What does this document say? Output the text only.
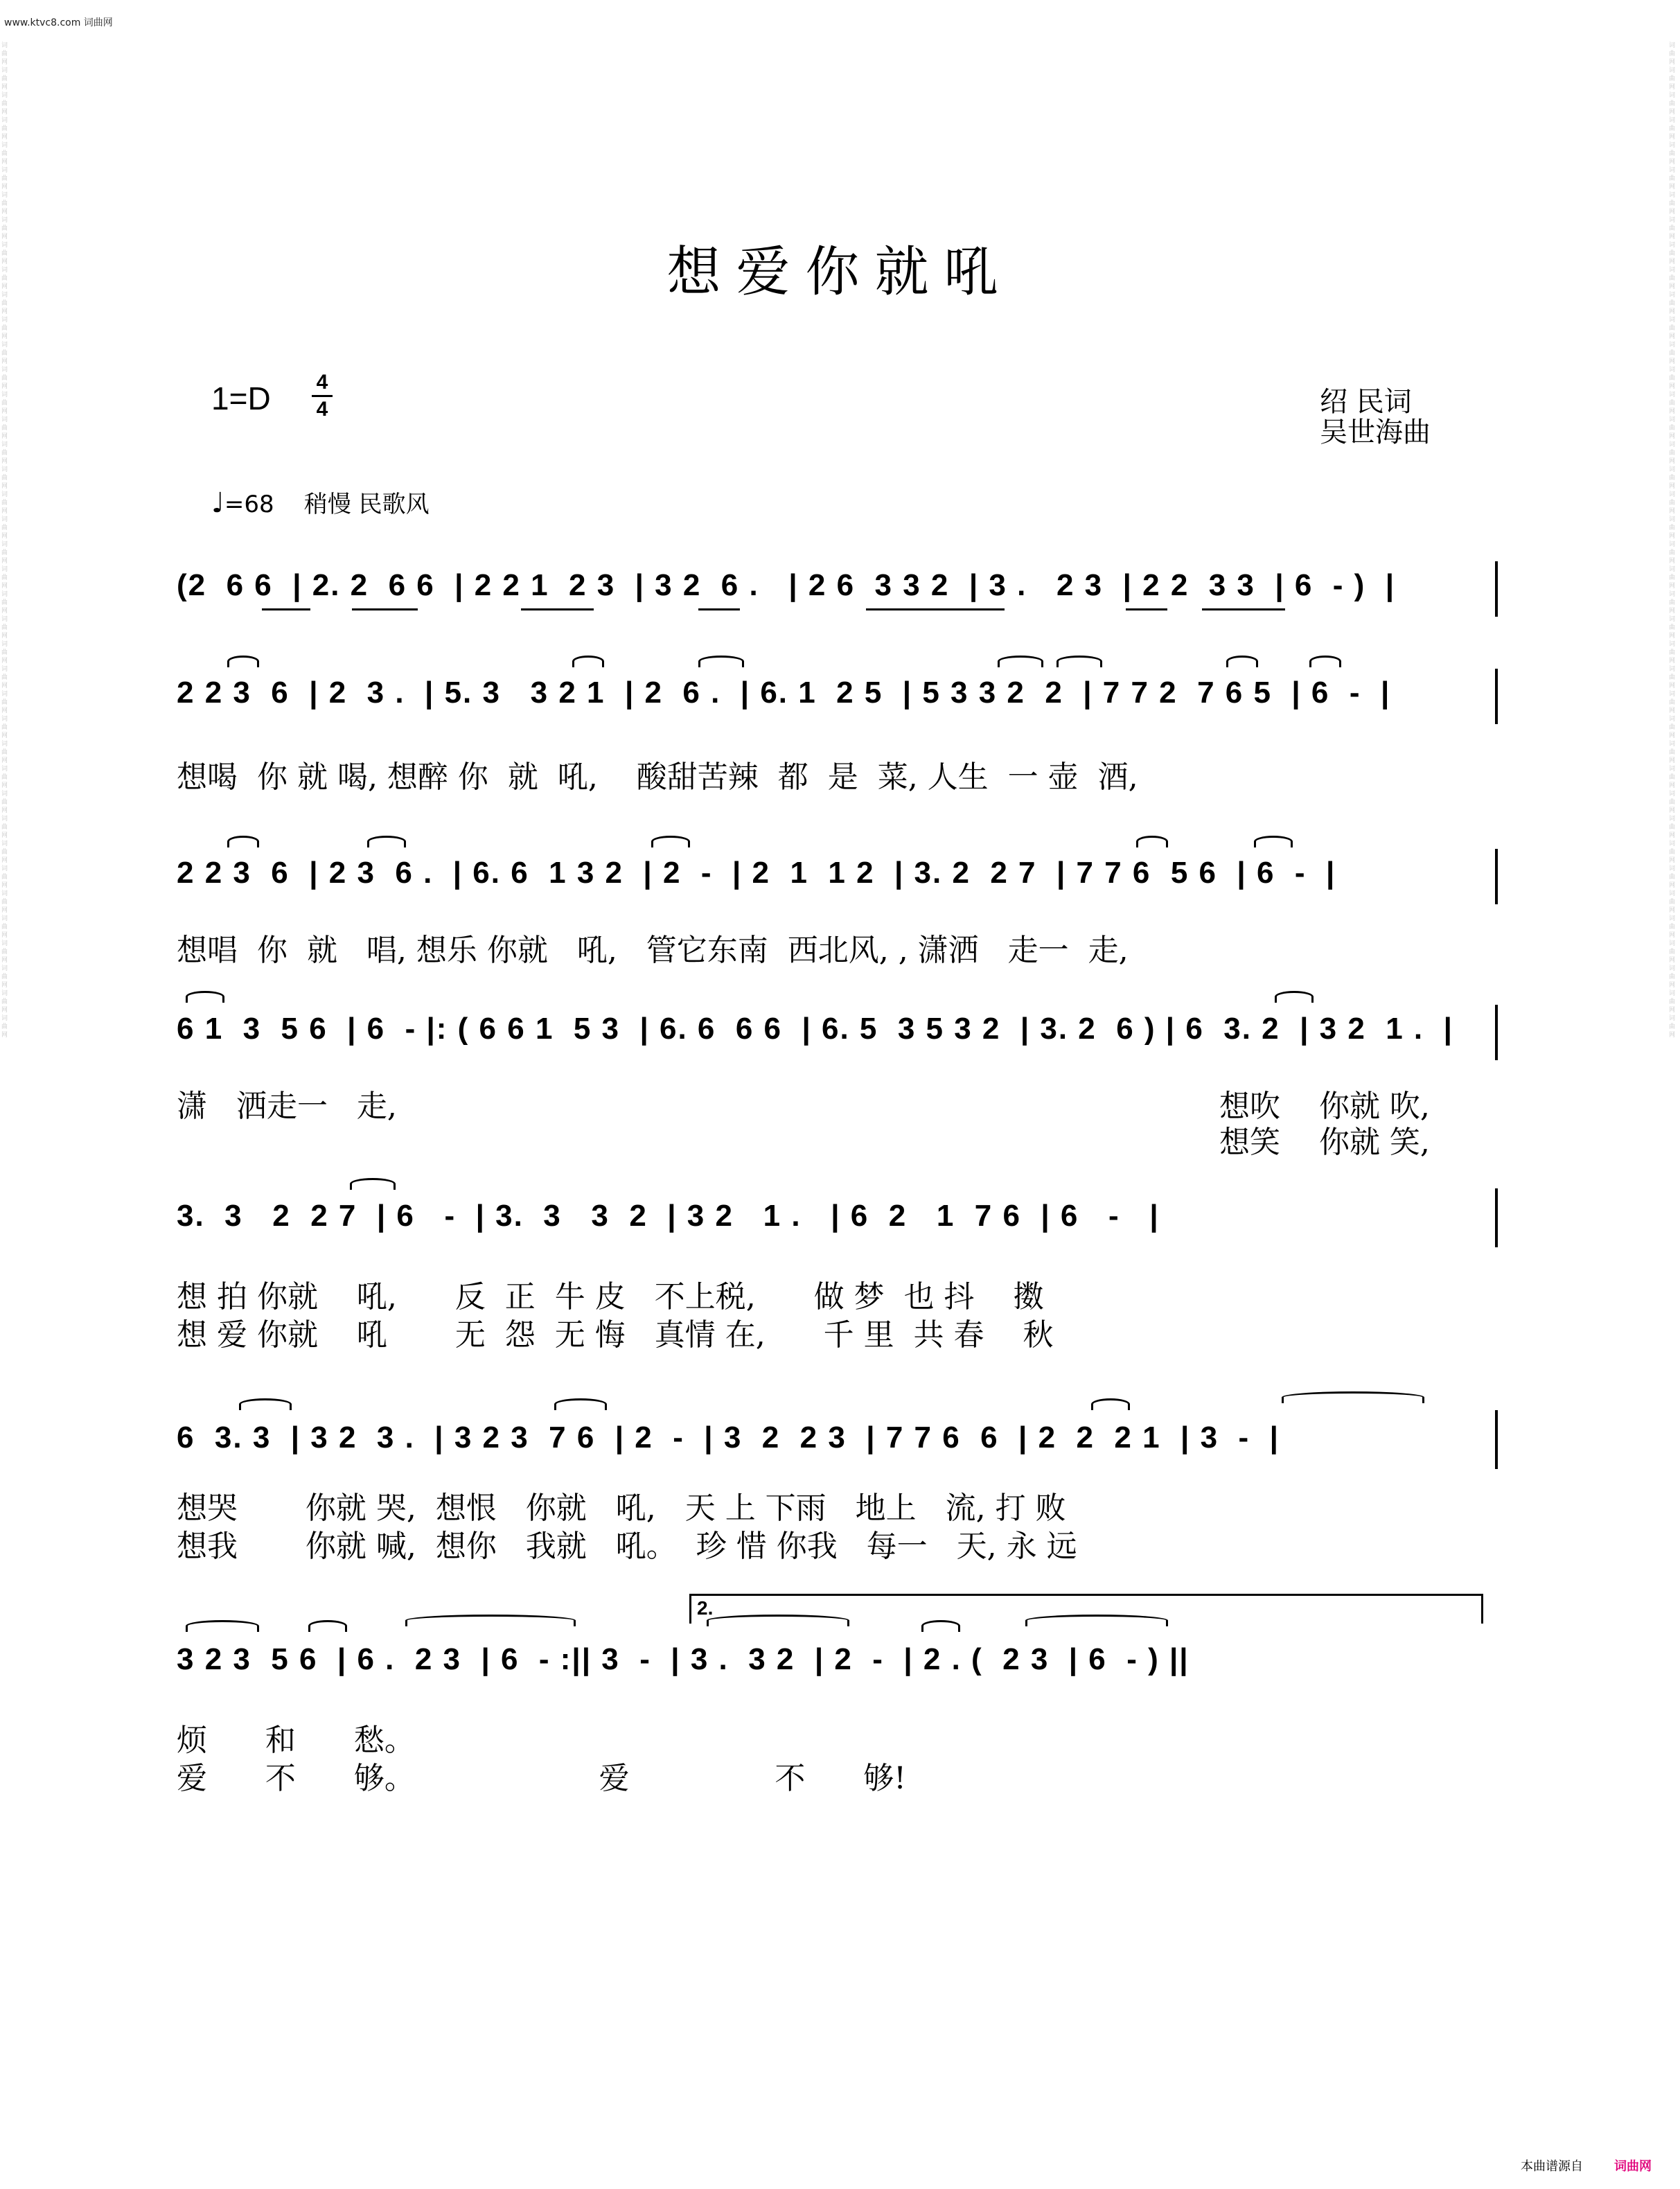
词曲网词曲网词曲网词曲网词曲网词曲网词曲网词曲网词曲网词曲网词曲网词曲网词曲网词曲网词曲网词曲网词曲网词曲网词曲网词曲网词曲网词曲网词曲网词曲网词曲网词曲网词曲网词曲网词曲网词曲网词曲网词曲网词曲网词曲网词曲网词曲网词曲网词曲网词曲网词曲网
词曲网词曲网词曲网词曲网词曲网词曲网词曲网词曲网词曲网词曲网词曲网词曲网词曲网词曲网词曲网词曲网词曲网词曲网词曲网词曲网词曲网词曲网词曲网词曲网词曲网词曲网词曲网词曲网词曲网词曲网词曲网词曲网词曲网词曲网词曲网词曲网词曲网词曲网词曲网词曲网
www.ktvc8.com 词曲网
想爱你就吼
1=D 4
4	绍 民词
吴世海曲
♩=68 稍慢 民歌风
(2  6 6  | 2. 2  6 6  | 2 2 1  2 3  | 3 2  6 .   | 2 6  3 3 2  | 3 .   2 3  | 2 2  3 3  | 6  - )  |
2 2 3  6  | 2  3 .  | 5. 3   3 2 1  | 2  6 .  | 6. 1  2 5  | 5 3 3 2  2  | 7 7 2  7 6 5  | 6  -  |
想喝  你 就 喝, 想醉 你  就  吼,    酸甜苦辣  都  是  菜, 人生  一 壶  酒,
2 2 3  6  | 2 3  6 .  | 6. 6  1 3 2  | 2  -  | 2  1  1 2  | 3. 2  2 7  | 7 7 6  5 6  | 6  -  |
想唱  你  就   唱, 想乐 你就   吼,   管它东南  西北风, , 潇洒   走一  走,
6 1  3  5 6  | 6  - |: ( 6 6 1  5 3  | 6. 6  6 6  | 6. 5  3 5 3 2  | 3. 2  6 ) | 6  3. 2  | 3 2  1 .  |
潇   洒走一   走,	想吹    你就 吹,
想笑    你就 笑,
3.  3   2  2 7  | 6   -  | 3.  3   3  2  | 3 2   1 .   | 6  2   1  7 6  | 6   -   |
想 拍 你就    吼,      反  正  牛 皮   不上税,      做 梦  也 抖    擞
想 爱 你就    吼       无  怨  无 悔   真情 在,      千 里  共 春    秋
6  3. 3  | 3 2  3 .  | 3 2 3  7 6  | 2  -  | 3  2  2 3  | 7 7 6  6  | 2  2  2 1  | 3  -  |
想哭       你就 哭,  想恨   你就   吼,   天 上 下雨   地上   流, 打 败
想我       你就 喊,  想你   我就   吼。  珍 惜 你我   每一   天, 永 远
2.
3 2 3  5 6  | 6 .  2 3  | 6  - :|| 3  -  | 3 .  3 2  | 2  -  | 2 . (  2 3  | 6  - ) ||
烦      和      愁。
爱      不      够。                   爱               不      够!
本曲谱源自	词曲网
